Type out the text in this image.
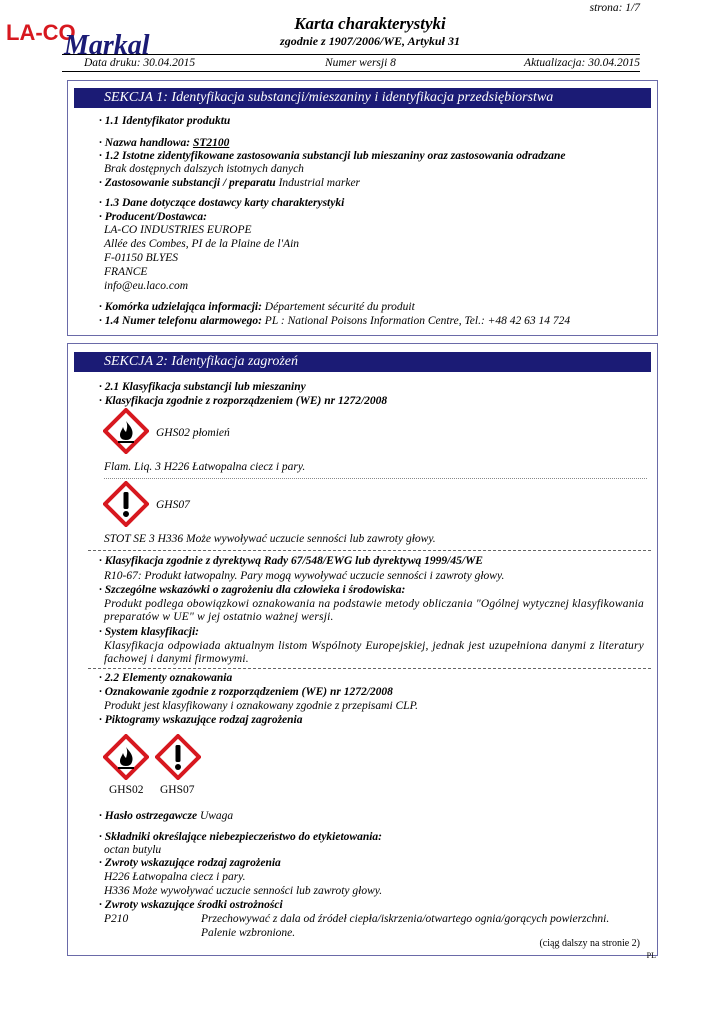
LA-CO
Markal
strona: 1/7
Karta charakterystyki
zgodnie z 1907/2006/WE, Artykuł 31
Data druku: 30.04.2015	Numer wersji 8	Aktualizacja: 30.04.2015
SEKCJA 1: Identyfikacja substancji/mieszaniny i identyfikacja przedsiębiorstwa
· 1.1 Identyfikator produktu
· Nazwa handlowa: ST2100
· 1.2 Istotne zidentyfikowane zastosowania substancji lub mieszaniny oraz zastosowania odradzane
Brak dostępnych dalszych istotnych danych
· Zastosowanie substancji / preparatu Industrial marker
· 1.3 Dane dotyczące dostawcy karty charakterystyki
· Producent/Dostawca:
LA-CO INDUSTRIES EUROPE
Allée des Combes, PI de la Plaine de l'Ain
F-01150 BLYES
FRANCE
info@eu.laco.com
· Komórka udzielająca informacji: Département sécurité du produit
· 1.4 Numer telefonu alarmowego: PL : National Poisons Information Centre, Tel.: +48 42 63 14 724
SEKCJA 2: Identyfikacja zagrożeń
· 2.1 Klasyfikacja substancji lub mieszaniny
· Klasyfikacja zgodnie z rozporządzeniem (WE) nr 1272/2008
GHS02 płomień
Flam. Liq. 3 H226 Łatwopalna ciecz i pary.
GHS07
STOT SE 3 H336 Może wywoływać uczucie senności lub zawroty głowy.
· Klasyfikacja zgodnie z dyrektywą Rady 67/548/EWG lub dyrektywą 1999/45/WE
R10-67: Produkt łatwopalny. Pary mogą wywoływać uczucie senności i zawroty głowy.
· Szczególne wskazówki o zagrożeniu dla człowieka i środowiska:
Produkt podlega obowiązkowi oznakowania na podstawie metody obliczania "Ogólnej wytycznej klasyfikowania preparatów w UE" w jej ostatnio ważnej wersji.
· System klasyfikacji:
Klasyfikacja odpowiada aktualnym listom Wspólnoty Europejskiej, jednak jest uzupełniona danymi z literatury fachowej i danymi firmowymi.
· 2.2 Elementy oznakowania
· Oznakowanie zgodnie z rozporządzeniem (WE) nr 1272/2008
Produkt jest klasyfikowany i oznakowany zgodnie z przepisami CLP.
· Piktogramy wskazujące rodzaj zagrożenia
GHS02 GHS07
· Hasło ostrzegawcze Uwaga
· Składniki określające niebezpieczeństwo do etykietowania:
octan butylu
· Zwroty wskazujące rodzaj zagrożenia
H226 Łatwopalna ciecz i pary.
H336 Może wywoływać uczucie senności lub zawroty głowy.
· Zwroty wskazujące środki ostrożności
P210	Przechowywać z dala od źródeł ciepła/iskrzenia/otwartego ognia/gorących powierzchni.
Palenie wzbronione.
(ciąg dalszy na stronie 2)
PL
